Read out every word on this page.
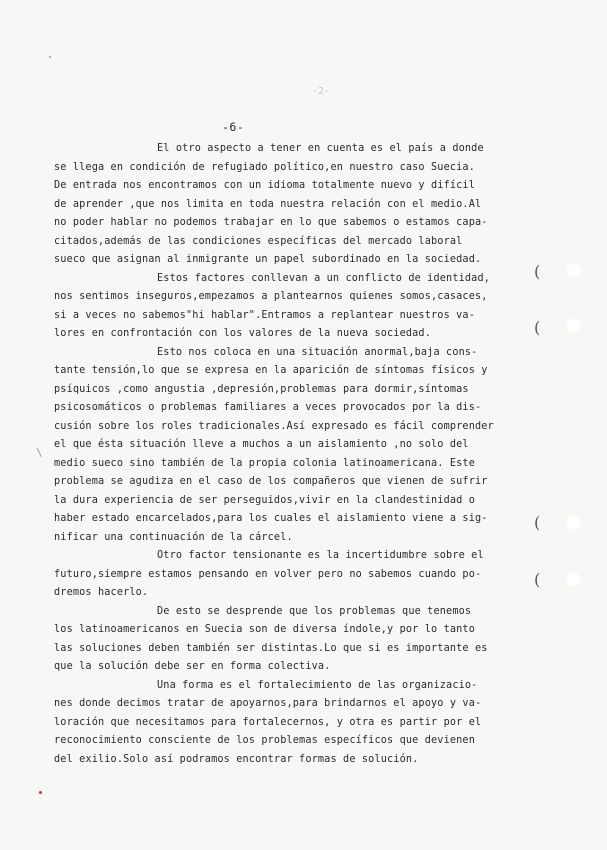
-2-
-6-
El otro aspecto a tener en cuenta es el país a donde
se llega en condición de refugiado político,en nuestro caso Suecia.
De entrada nos encontramos con un idioma totalmente nuevo y difícil
de aprender ,que nos limita en toda nuestra relación con el medio.Al
no poder hablar no podemos trabajar en lo que sabemos o estamos capa-
citados,además de las condiciones específicas del mercado laboral
sueco que asignan al inmigrante un papel subordinado en la sociedad.
Estos factores conllevan a un conflicto de identidad,
nos sentimos inseguros,empezamos a plantearnos quienes somos,casaces,
si a veces no sabemos"hi hablar".Entramos a replantear nuestros va-
lores en confrontación con los valores de la nueva sociedad.
Esto nos coloca en una situación anormal,baja cons-
tante tensión,lo que se expresa en la aparición de síntomas físicos y
psíquicos ,como angustia ,depresión,problemas para dormir,síntomas
psicosomáticos o problemas familiares a veces provocados por la dis-
cusión sobre los roles tradicionales.Así expresado es fácil comprender
el que ésta situación lleve a muchos a un aislamiento ,no solo del
medio sueco sino también de la propia colonia latinoamericana. Este
problema se agudiza en el caso de los compañeros que vienen de sufrir
la dura experiencia de ser perseguidos,vivir en la clandestinidad o
haber estado encarcelados,para los cuales el aislamiento viene a sig-
nificar una continuación de la cárcel.
Otro factor tensionante es la incertidumbre sobre el
futuro,siempre estamos pensando en volver pero no sabemos cuando po-
dremos hacerlo.
De esto se desprende que los problemas que tenemos
los latinoamericanos en Suecia son de diversa índole,y por lo tanto
las soluciones deben también ser distintas.Lo que si es importante es
que la solución debe ser en forma colectiva.
Una forma es el fortalecimiento de las organizacio-
nes donde decimos tratar de apoyarnos,para brindarnos el apoyo y va-
loración que necesitamos para fortalecernos, y otra es partir por el
reconocimiento consciente de los problemas específicos que devienen
del exilio.Solo así podramos encontrar formas de solución.
(
(
(
(
\
